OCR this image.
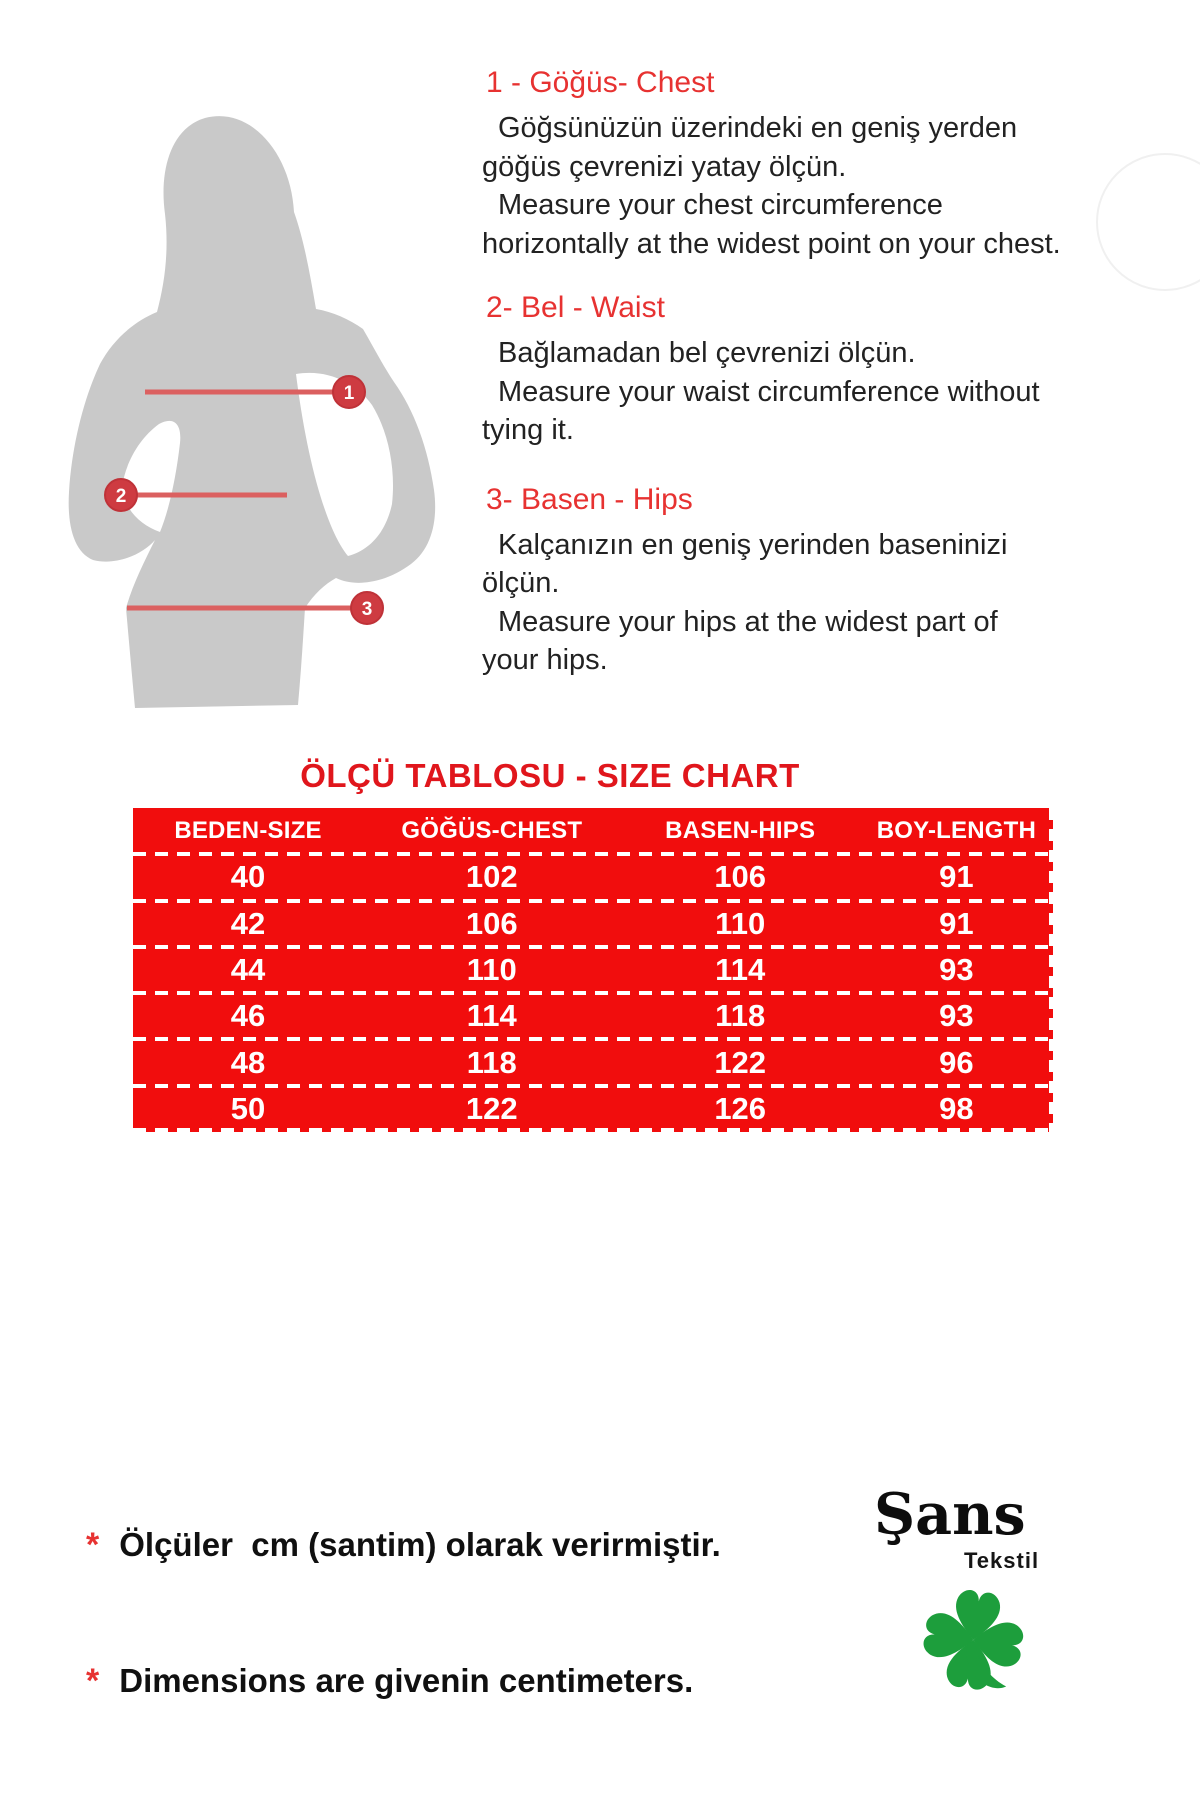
1
2
3
1 - Göğüs- Chest
Göğsünüzün üzerindeki en geniş yerden
göğüs çevrenizi yatay ölçün.
Measure your chest circumference
horizontally at the widest point on your chest.
2- Bel - Waist
Bağlamadan bel çevrenizi ölçün.
Measure your waist circumference without
tying it.
3- Basen - Hips
Kalçanızın en geniş yerinden baseninizi
ölçün.
Measure your hips at the widest part of
your hips.
ÖLÇÜ TABLOSU - SIZE CHART
BEDEN-SIZE	GÖĞÜS-CHEST	BASEN-HIPS	BOY-LENGTH
40	102	106	91
42	106	110	91
44	110	114	93
46	114	118	93
48	118	122	96
50	122	126	98
* Ölçüler  cm (santim) olarak verirmiştir.
* Dimensions are givenin centimeters.
Şans
Tekstil
